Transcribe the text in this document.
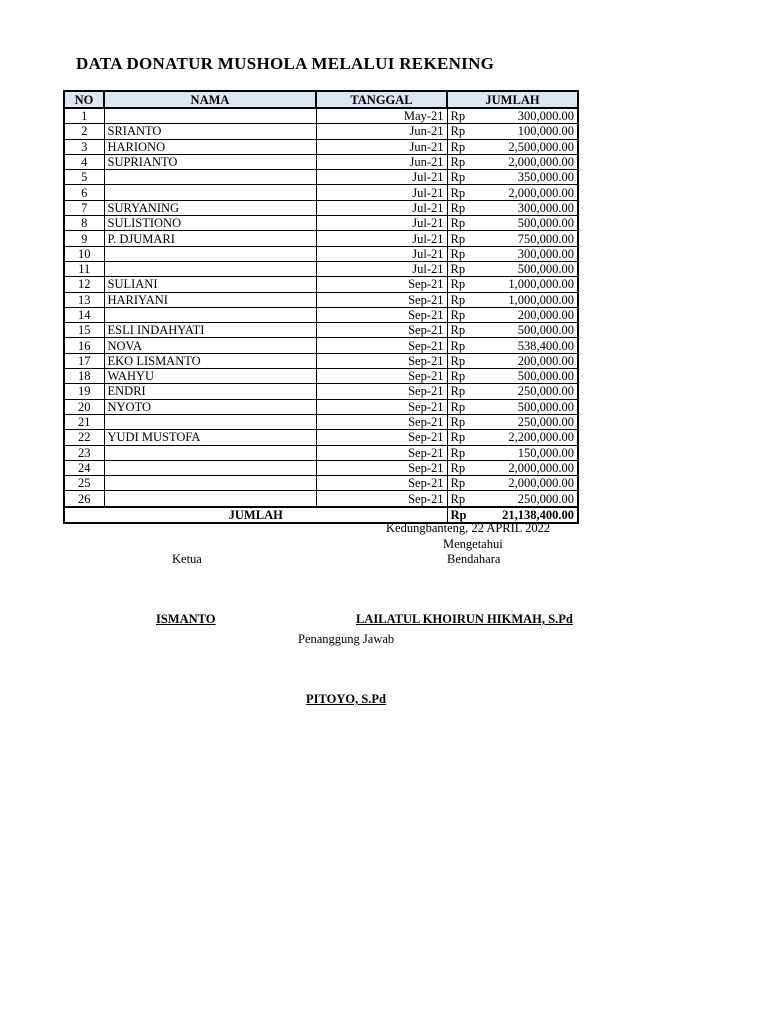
DATA DONATUR MUSHOLA MELALUI REKENING
NO	NAMA	TANGGAL	JUMLAH	
1		May-21	Rp	300,000.00
2	SRIANTO	Jun-21	Rp	100,000.00
3	HARIONO	Jun-21	Rp	2,500,000.00
4	SUPRIANTO	Jun-21	Rp	2,000,000.00
5		Jul-21	Rp	350,000.00
6		Jul-21	Rp	2,000,000.00
7	SURYANING	Jul-21	Rp	300,000.00
8	SULISTIONO	Jul-21	Rp	500,000.00
9	P. DJUMARI	Jul-21	Rp	750,000.00
10		Jul-21	Rp	300,000.00
11		Jul-21	Rp	500,000.00
12	SULIANI	Sep-21	Rp	1,000,000.00
13	HARIYANI	Sep-21	Rp	1,000,000.00
14		Sep-21	Rp	200,000.00
15	ESLI INDAHYATI	Sep-21	Rp	500,000.00
16	NOVA	Sep-21	Rp	538,400.00
17	EKO LISMANTO	Sep-21	Rp	200,000.00
18	WAHYU	Sep-21	Rp	500,000.00
19	ENDRI	Sep-21	Rp	250,000.00
20	NYOTO	Sep-21	Rp	500,000.00
21		Sep-21	Rp	250,000.00
22	YUDI MUSTOFA	Sep-21	Rp	2,200,000.00
23		Sep-21	Rp	150,000.00
24		Sep-21	Rp	2,000,000.00
25		Sep-21	Rp	2,000,000.00
26		Sep-21	Rp	250,000.00
JUMLAH			Rp	21,138,400.00
Kedungbanteng, 22 APRIL 2022
Mengetahui
Ketua	Bendahara
ISMANTO	LAILATUL KHOIRUN HIKMAH, S.Pd
Penanggung Jawab
PITOYO, S.Pd
